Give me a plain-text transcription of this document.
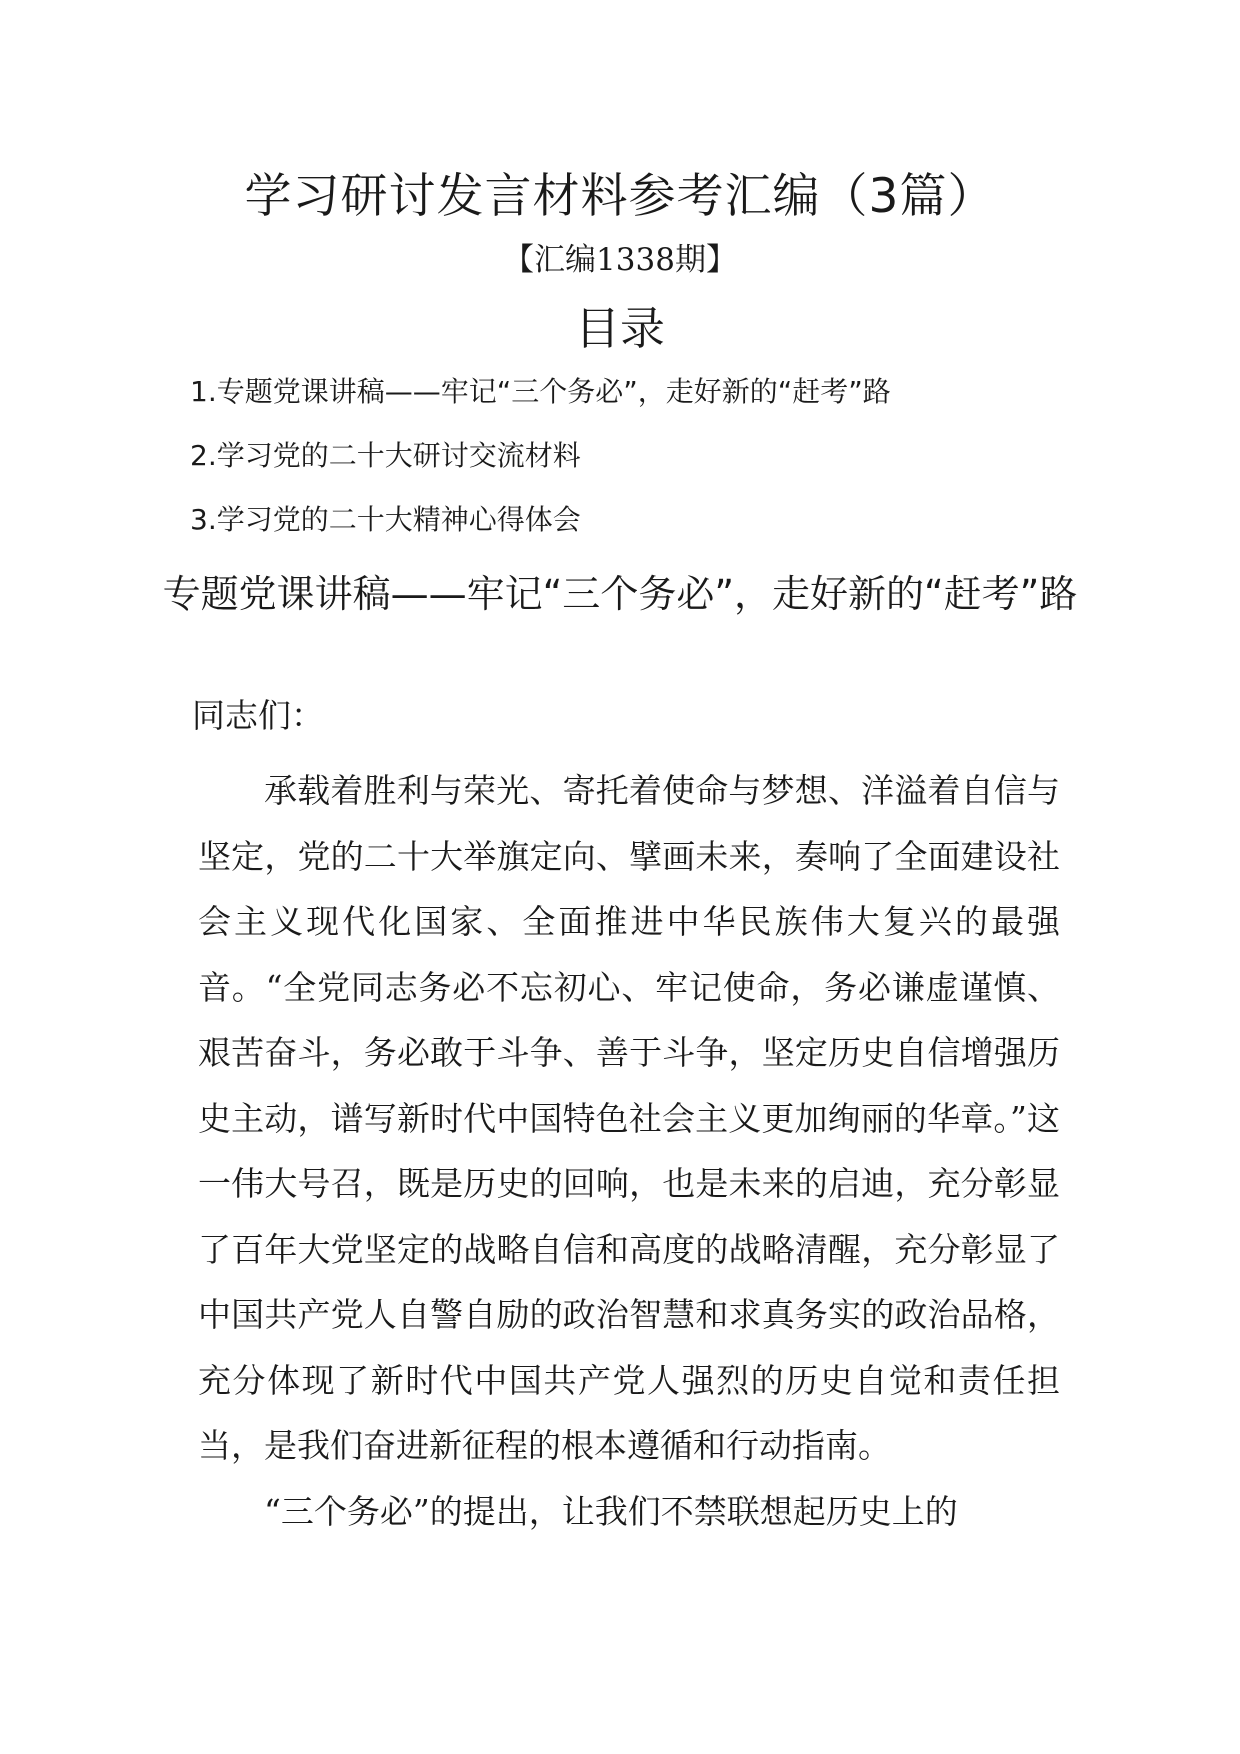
学习研讨发言材料参考汇编（3篇）
【汇编1338期】
目录
1.专题党课讲稿——牢记“三个务必”，走好新的“赶考”路
2.学习党的二十大研讨交流材料
3.学习党的二十大精神心得体会
专题党课讲稿——牢记“三个务必”，走好新的“赶考”路
同志们：

承载着胜利与荣光、寄托着使命与梦想、洋溢着自信与坚定，党的二十大举旗定向、擘画未来，奏响了全面建设社会主义现代化国家、全面推进中华民族伟大复兴的最强音。“全党同志务必不忘初心、牢记使命，务必谦虚谨慎、艰苦奋斗，务必敢于斗争、善于斗争，坚定历史自信增强历史主动，谱写新时代中国特色社会主义更加绚丽的华章。”这一伟大号召，既是历史的回响，也是未来的启迪，充分彰显了百年大党坚定的战略自信和高度的战略清醒，充分彰显了中国共产党人自警自励的政治智慧和求真务实的政治品格，充分体现了新时代中国共产党人强烈的历史自觉和责任担当，是我们奋进新征程的根本遵循和行动指南。

“三个务必”的提出，让我们不禁联想起历史上的
